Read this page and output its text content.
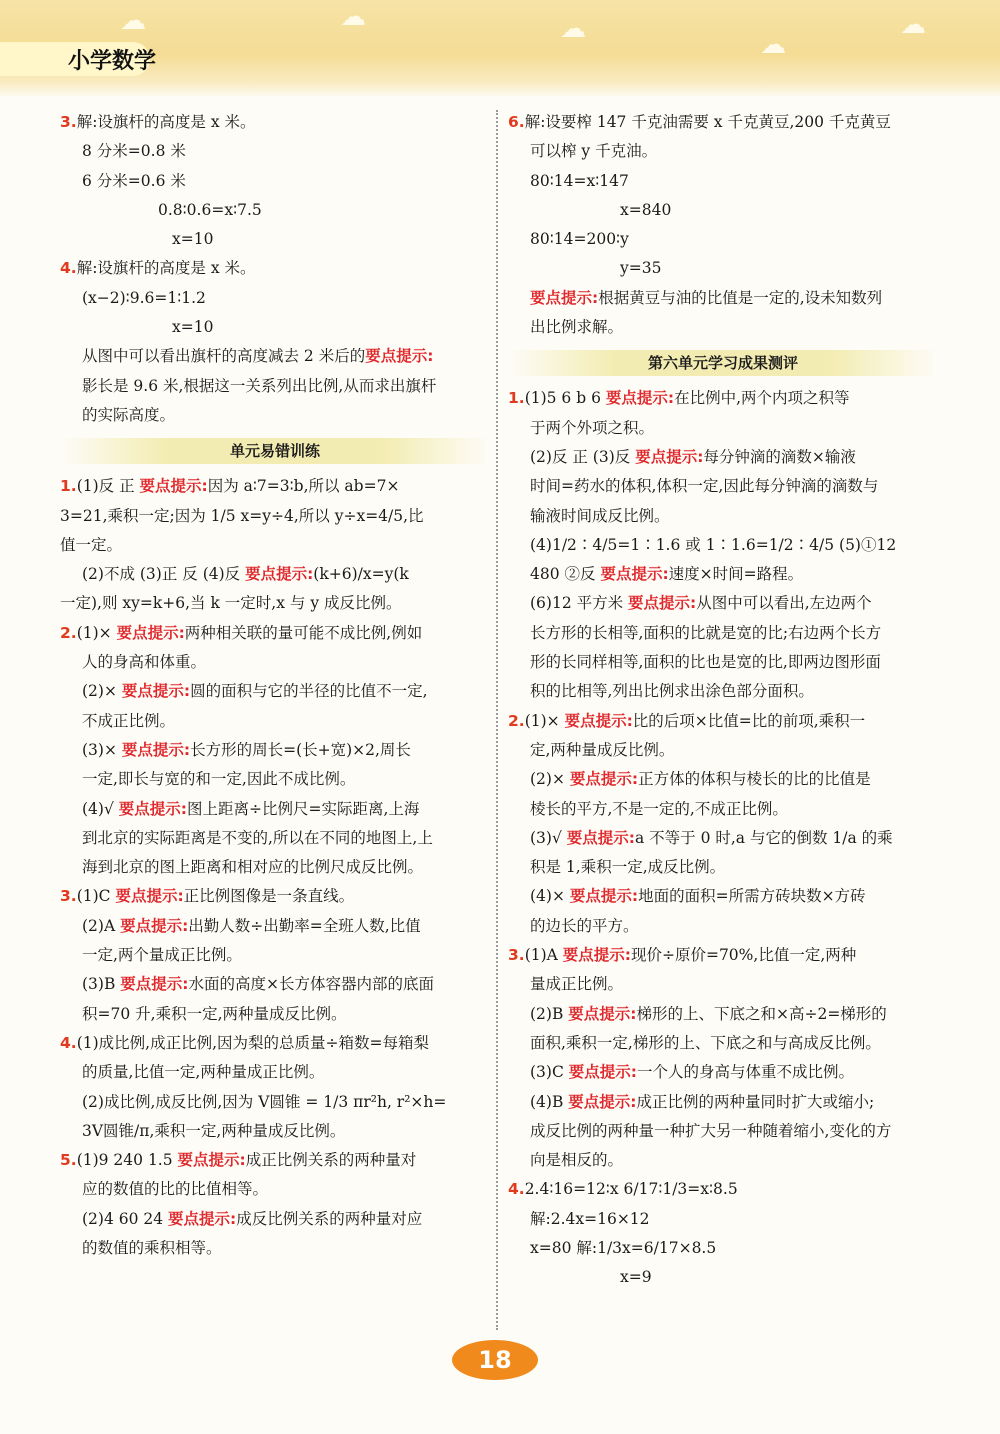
☁	☁	☁
☁
☁
小学数学
3.解:设旗杆的高度是 x 米。
8 分米=0.8 米
6 分米=0.6 米
0.8∶0.6=x∶7.5
x=10
4.解:设旗杆的高度是 x 米。
(x−2)∶9.6=1∶1.2
x=10
从图中可以看出旗杆的高度减去 2 米后的要点提示:
影长是 9.6 米,根据这一关系列出比例,从而求出旗杆
的实际高度。
单元易错训练
1.(1)反 正 要点提示:因为 a∶7=3∶b,所以 ab=7×
3=21,乘积一定;因为 1/5 x=y÷4,所以 y÷x=4/5,比
值一定。
(2)不成 (3)正 反 (4)反 要点提示:(k+6)/x=y(k
一定),则 xy=k+6,当 k 一定时,x 与 y 成反比例。
2.(1)× 要点提示:两种相关联的量可能不成比例,例如
人的身高和体重。
(2)× 要点提示:圆的面积与它的半径的比值不一定,
不成正比例。
(3)× 要点提示:长方形的周长=(长+宽)×2,周长
一定,即长与宽的和一定,因此不成比例。
(4)√ 要点提示:图上距离÷比例尺=实际距离,上海
到北京的实际距离是不变的,所以在不同的地图上,上
海到北京的图上距离和相对应的比例尺成反比例。
3.(1)C 要点提示:正比例图像是一条直线。
(2)A 要点提示:出勤人数÷出勤率=全班人数,比值
一定,两个量成正比例。
(3)B 要点提示:水面的高度×长方体容器内部的底面
积=70 升,乘积一定,两种量成反比例。
4.(1)成比例,成正比例,因为梨的总质量÷箱数=每箱梨
的质量,比值一定,两种量成正比例。
(2)成比例,成反比例,因为 V圆锥 = 1/3 πr²h, r²×h=
3V圆锥/π,乘积一定,两种量成反比例。
5.(1)9 240 1.5 要点提示:成正比例关系的两种量对
应的数值的比的比值相等。
(2)4 60 24 要点提示:成反比例关系的两种量对应
的数值的乘积相等。
6.解:设要榨 147 千克油需要 x 千克黄豆,200 千克黄豆
可以榨 y 千克油。
80∶14=x∶147
x=840
80∶14=200∶y
y=35
要点提示:根据黄豆与油的比值是一定的,设未知数列
出比例求解。
第六单元学习成果测评
1.(1)5 6 b 6 要点提示:在比例中,两个内项之积等
于两个外项之积。
(2)反 正 (3)反 要点提示:每分钟滴的滴数×输液
时间=药水的体积,体积一定,因此每分钟滴的滴数与
输液时间成反比例。
(4)1/2∶4/5=1∶1.6 或 1∶1.6=1/2∶4/5 (5)①12
480 ②反 要点提示:速度×时间=路程。
(6)12 平方米 要点提示:从图中可以看出,左边两个
长方形的长相等,面积的比就是宽的比;右边两个长方
形的长同样相等,面积的比也是宽的比,即两边图形面
积的比相等,列出比例求出涂色部分面积。
2.(1)× 要点提示:比的后项×比值=比的前项,乘积一
定,两种量成反比例。
(2)× 要点提示:正方体的体积与棱长的比的比值是
棱长的平方,不是一定的,不成正比例。
(3)√ 要点提示:a 不等于 0 时,a 与它的倒数 1/a 的乘
积是 1,乘积一定,成反比例。
(4)× 要点提示:地面的面积=所需方砖块数×方砖
的边长的平方。
3.(1)A 要点提示:现价÷原价=70%,比值一定,两种
量成正比例。
(2)B 要点提示:梯形的上、下底之和×高÷2=梯形的
面积,乘积一定,梯形的上、下底之和与高成反比例。
(3)C 要点提示:一个人的身高与体重不成比例。
(4)B 要点提示:成正比例的两种量同时扩大或缩小;
成反比例的两种量一种扩大另一种随着缩小,变化的方
向是相反的。
4.2.4∶16=12∶x 6/17∶1/3=x∶8.5
解:2.4x=16×12
x=80 解:1/3x=6/17×8.5
x=9
18
